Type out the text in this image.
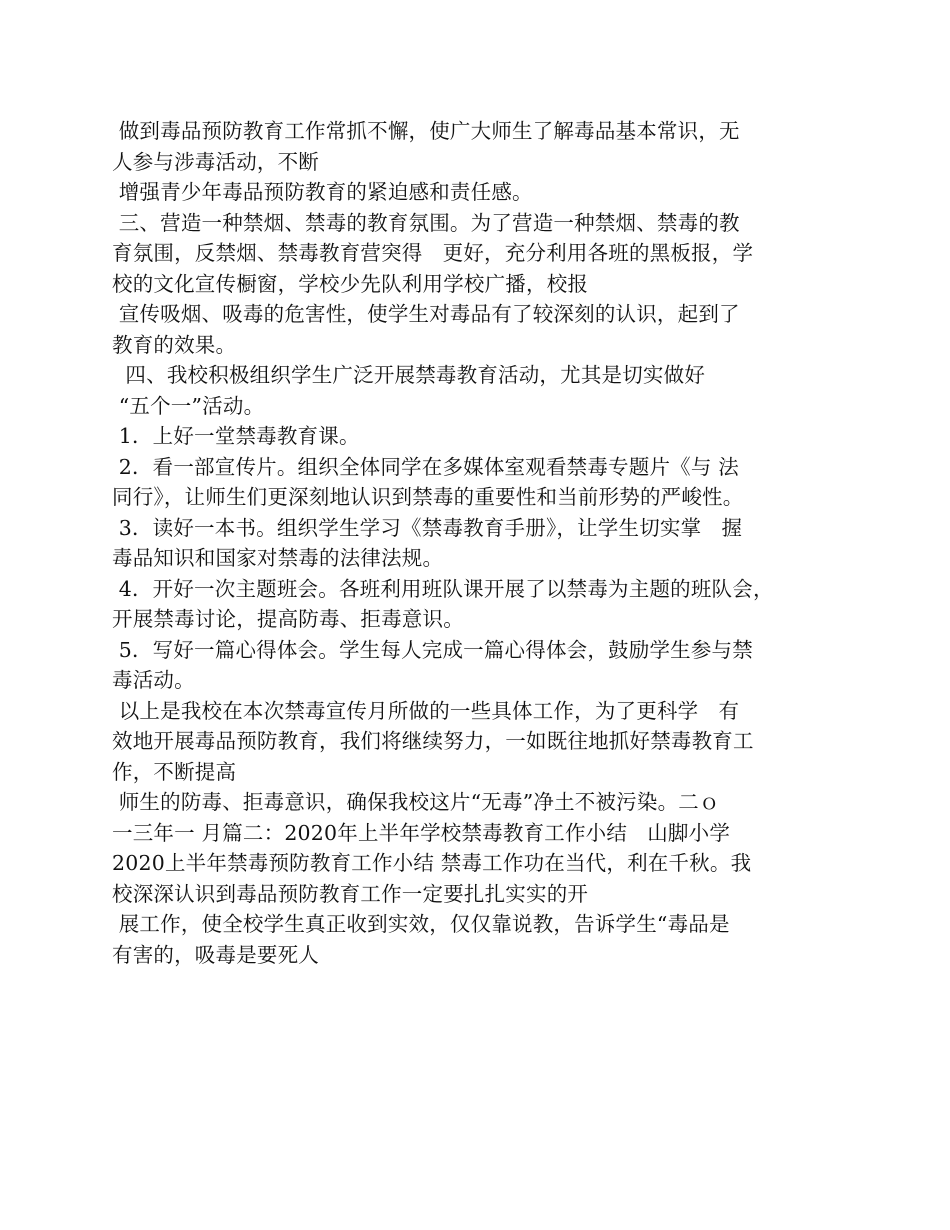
做到毒品预防教育工作常抓不懈，使广大师生了解毒品基本常识，无
人参与涉毒活动，不断
增强青少年毒品预防教育的紧迫感和责任感。
三、营造一种禁烟、禁毒的教育氛围。为了营造一种禁烟、禁毒的教
育氛围，反禁烟、禁毒教育营突得   更好，充分利用各班的黑板报，学
校的文化宣传橱窗，学校少先队利用学校广播，校报
宣传吸烟、吸毒的危害性，使学生对毒品有了较深刻的认识，起到了
教育的效果。
四、我校积极组织学生广泛开展禁毒教育活动，尤其是切实做好
“五个一”活动。
1．上好一堂禁毒教育课。
2．看一部宣传片。组织全体同学在多媒体室观看禁毒专题片《与 法
同行》，让师生们更深刻地认识到禁毒的重要性和当前形势的严峻性。
3．读好一本书。组织学生学习《禁毒教育手册》，让学生切实掌   握
毒品知识和国家对禁毒的法律法规。
4．开好一次主题班会。各班利用班队课开展了以禁毒为主题的班队会，
开展禁毒讨论，提高防毒、拒毒意识。
5．写好一篇心得体会。学生每人完成一篇心得体会，鼓励学生参与禁
毒活动。
以上是我校在本次禁毒宣传月所做的一些具体工作，为了更科学   有
效地开展毒品预防教育，我们将继续努力，一如既往地抓好禁毒教育工
作，不断提高
师生的防毒、拒毒意识，确保我校这片“无毒”净土不被污染。二ｏ
一三年一 月篇二：2020年上半年学校禁毒教育工作小结   山脚小学
2020上半年禁毒预防教育工作小结 禁毒工作功在当代，利在千秋。我
校深深认识到毒品预防教育工作一定要扎扎实实的开
展工作，使全校学生真正收到实效，仅仅靠说教，告诉学生“毒品是
有害的，吸毒是要死人
